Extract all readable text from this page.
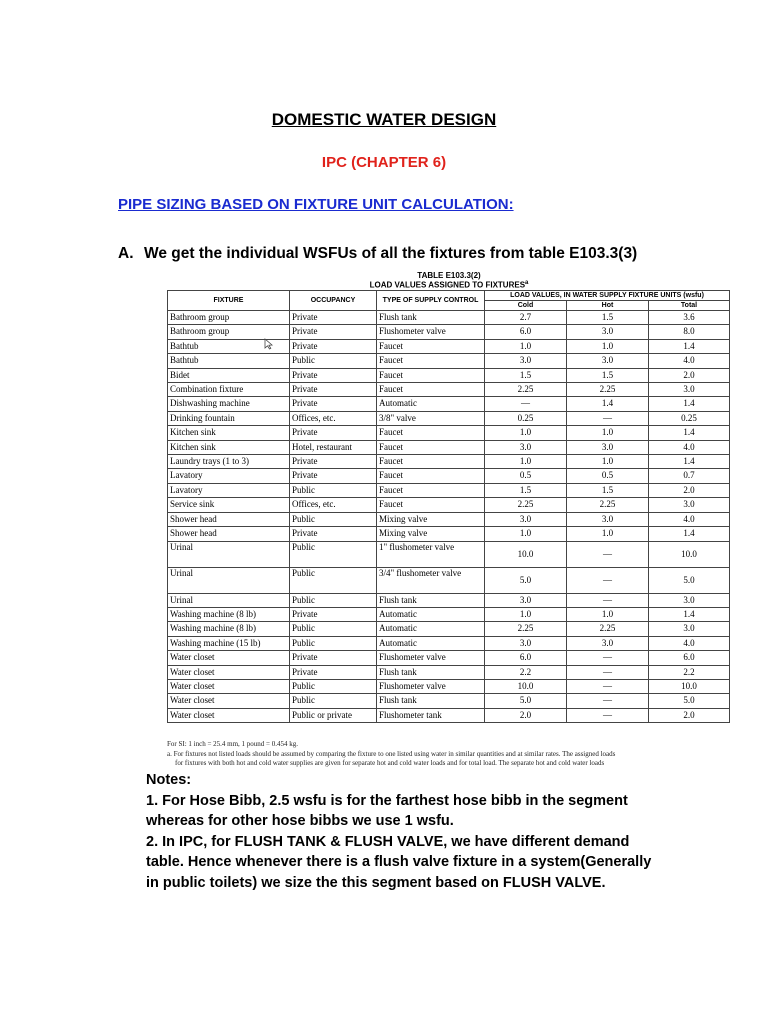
DOMESTIC WATER DESIGN
IPC (CHAPTER 6)
PIPE SIZING BASED ON FIXTURE UNIT CALCULATION:
A. We get the individual WSFUs of all the fixtures from table E103.3(3)
TABLE E103.3(2)
LOAD VALUES ASSIGNED TO FIXTURES$^a$
FIXTURE	OCCUPANCY	TYPE OF SUPPLY CONTROL	LOAD VALUES, IN WATER SUPPLY FIXTURE UNITS (wsfu)		
			Cold	Hot	Total
Bathroom group	Private	Flush tank	2.7	1.5	3.6
Bathroom group	Private	Flushometer valve	6.0	3.0	8.0
Bathtub	Private	Faucet	1.0	1.0	1.4
Bathtub	Public	Faucet	3.0	3.0	4.0
Bidet	Private	Faucet	1.5	1.5	2.0
Combination fixture	Private	Faucet	2.25	2.25	3.0
Dishwashing machine	Private	Automatic	—	1.4	1.4
Drinking fountain	Offices, etc.	3/8" valve	0.25	—	0.25
Kitchen sink	Private	Faucet	1.0	1.0	1.4
Kitchen sink	Hotel, restaurant	Faucet	3.0	3.0	4.0
Laundry trays (1 to 3)	Private	Faucet	1.0	1.0	1.4
Lavatory	Private	Faucet	0.5	0.5	0.7
Lavatory	Public	Faucet	1.5	1.5	2.0
Service sink	Offices, etc.	Faucet	2.25	2.25	3.0
Shower head	Public	Mixing valve	3.0	3.0	4.0
Shower head	Private	Mixing valve	1.0	1.0	1.4
Urinal	Public	1" flushometer valve	10.0	—	10.0
Urinal	Public	3/4" flushometer valve	5.0	—	5.0
Urinal	Public	Flush tank	3.0	—	3.0
Washing machine (8 lb)	Private	Automatic	1.0	1.0	1.4
Washing machine (8 lb)	Public	Automatic	2.25	2.25	3.0
Washing machine (15 lb)	Public	Automatic	3.0	3.0	4.0
Water closet	Private	Flushometer valve	6.0	—	6.0
Water closet	Private	Flush tank	2.2	—	2.2
Water closet	Public	Flushometer valve	10.0	—	10.0
Water closet	Public	Flush tank	5.0	—	5.0
Water closet	Public or private	Flushometer tank	2.0	—	2.0
For SI: 1 inch = 25.4 mm, 1 pound = 0.454 kg.
a. For fixtures not listed loads should be assumed by comparing the fixture to one listed using water in similar quantities and at similar rates. The assigned loads
for fixtures with both hot and cold water supplies are given for separate hot and cold water loads and for total load. The separate hot and cold water loads

Notes:

1. For Hose Bibb, 2.5 wsfu is for the farthest hose bibb in the segment whereas for other hose bibbs we use 1 wsfu.

2. In IPC, for FLUSH TANK & FLUSH VALVE, we have different demand table. Hence whenever there is a flush valve fixture in a system(Generally in public toilets) we size the this segment based on FLUSH VALVE.
